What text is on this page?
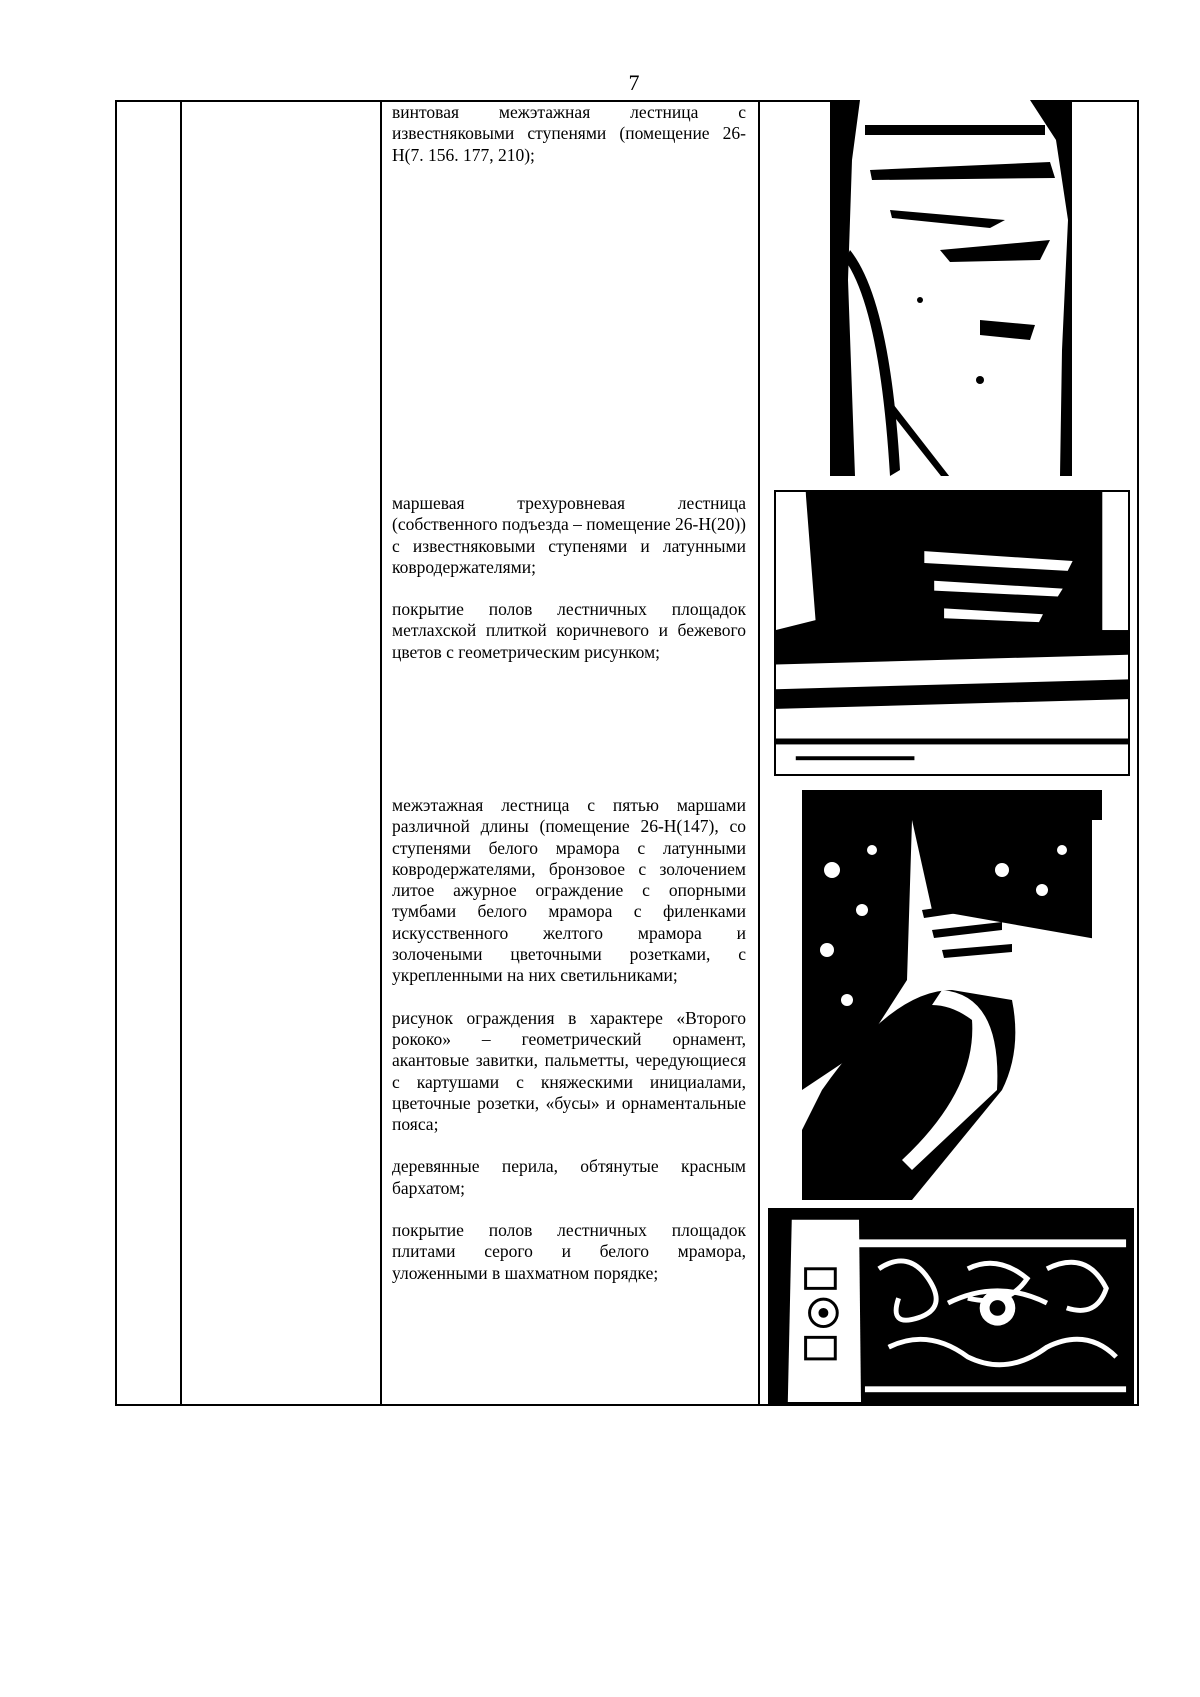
7

винтовая межэтажная лестница с известняковыми ступенями (помещение 26-Н(7. 156. 177, 210);

маршевая трехуровневая лестница (собственного подъезда – помещение 26-Н(20)) с известняковыми ступенями и латунными ковродержателями;

покрытие полов лестничных площадок метлахской плиткой коричневого и бежевого цветов с геометрическим рисунком;

межэтажная лестница с пятью маршами различной длины (помещение 26-Н(147), со ступенями белого мрамора с латунными ковродержателями, бронзовое с золочением литое ажурное ограждение с опорными тумбами белого мрамора с филенками искусственного желтого мрамора и золочеными цветочными розетками, с укрепленными на них светильниками;

рисунок ограждения в характере «Второго рококо» – геометрический орнамент, акантовые завитки, пальметты, чередующиеся с картушами с княжескими инициалами, цветочные розетки, «бусы» и орнаментальные пояса;

деревянные перила, обтянутые красным бархатом;

покрытие полов лестничных площадок плитами серого и белого мрамора, уложенными в шахматном порядке;
